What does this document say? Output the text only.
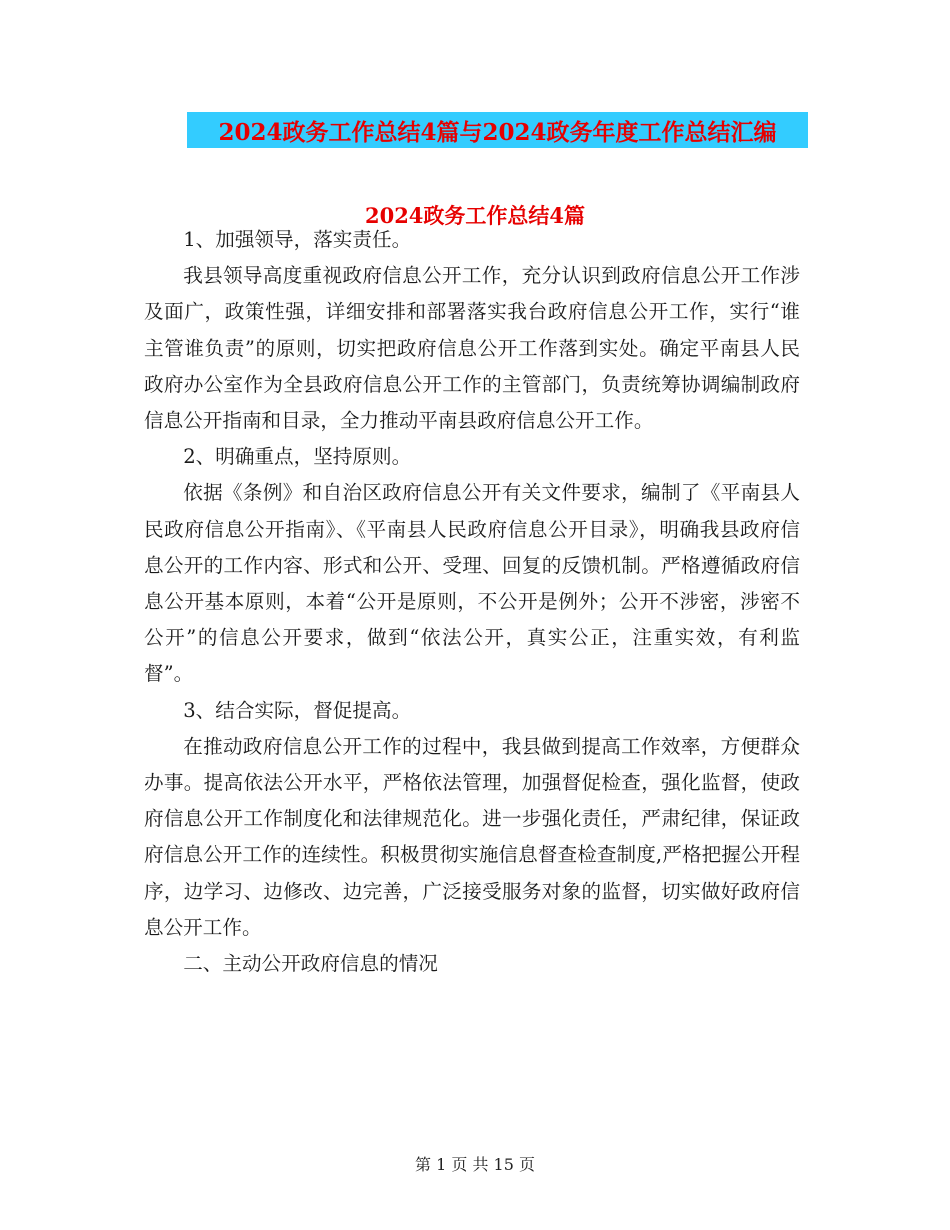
2024政务工作总结4篇与2024政务年度工作总结汇编
2024政务工作总结4篇

1、加强领导，落实责任。

我县领导高度重视政府信息公开工作，充分认识到政府信息公开工作涉及面广，政策性强，详细安排和部署落实我台政府信息公开工作，实行“谁主管谁负责”的原则，切实把政府信息公开工作落到实处。确定平南县人民政府办公室作为全县政府信息公开工作的主管部门，负责统筹协调编制政府信息公开指南和目录，全力推动平南县政府信息公开工作。

2、明确重点，坚持原则。

依据《条例》和自治区政府信息公开有关文件要求，编制了《平南县人民政府信息公开指南》、《平南县人民政府信息公开目录》，明确我县政府信息公开的工作内容、形式和公开、受理、回复的反馈机制。严格遵循政府信息公开基本原则，本着“公开是原则，不公开是例外；公开不涉密，涉密不公开”的信息公开要求，做到“依法公开，真实公正，注重实效，有利监督”。

3、结合实际，督促提高。

在推动政府信息公开工作的过程中，我县做到提高工作效率，方便群众办事。提高依法公开水平，严格依法管理，加强督促检查，强化监督，使政府信息公开工作制度化和法律规范化。进一步强化责任，严肃纪律，保证政府信息公开工作的连续性。积极贯彻实施信息督查检查制度,严格把握公开程序，边学习、边修改、边完善，广泛接受服务对象的监督，切实做好政府信息公开工作。

二、主动公开政府信息的情况

第 1 页 共 15 页
